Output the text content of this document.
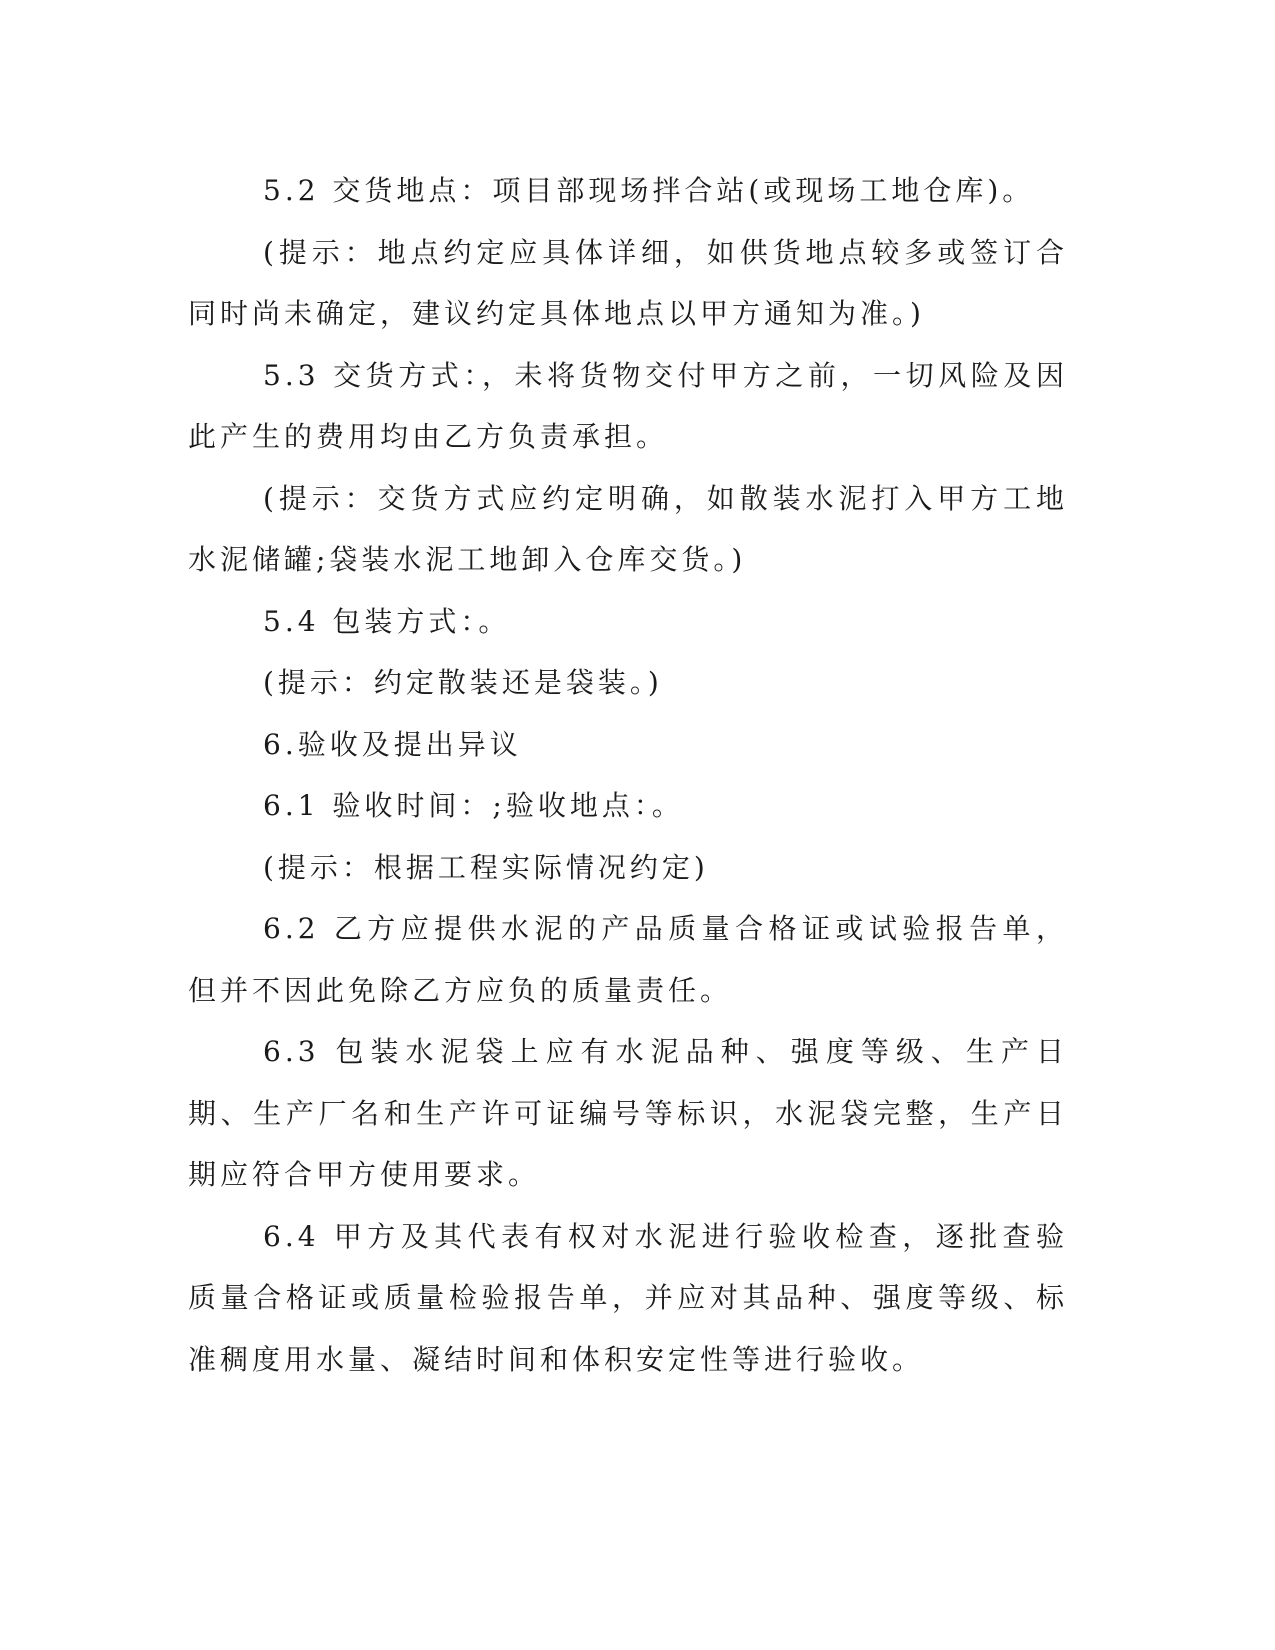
5.2 交货地点：项目部现场拌合站(或现场工地仓库)。

(提示：地点约定应具体详细，如供货地点较多或签订合同时尚未确定，建议约定具体地点以甲方通知为准。)

5.3 交货方式：，未将货物交付甲方之前，一切风险及因此产生的费用均由乙方负责承担。

(提示：交货方式应约定明确，如散装水泥打入甲方工地水泥储罐;袋装水泥工地卸入仓库交货。)

5.4 包装方式：。

(提示：约定散装还是袋装。)

6.验收及提出异议

6.1 验收时间：;验收地点：。

(提示：根据工程实际情况约定)

6.2 乙方应提供水泥的产品质量合格证或试验报告单，但并不因此免除乙方应负的质量责任。

6.3 包装水泥袋上应有水泥品种、强度等级、生产日期、生产厂名和生产许可证编号等标识，水泥袋完整，生产日期应符合甲方使用要求。

6.4 甲方及其代表有权对水泥进行验收检查，逐批查验质量合格证或质量检验报告单，并应对其品种、强度等级、标准稠度用水量、凝结时间和体积安定性等进行验收。
